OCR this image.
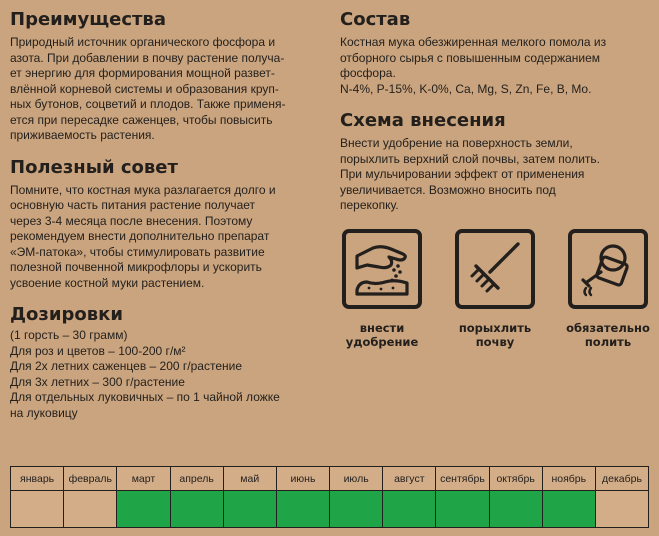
Преимущества

Природный источник органического фосфора и

азота. При добавлении в почву растение получа-

ет энергию для формирования мощной развет-

влённой корневой системы и образования круп-

ных бутонов, соцветий и плодов. Также применя-

ется при пересадке саженцев, чтобы повысить

приживаемость растения.

Полезный совет

Помните, что костная мука разлагается долго и

основную часть питания растение получает

через 3-4 месяца после внесения. Поэтому

рекомендуем внести дополнительно препарат

«ЭМ-патока», чтобы стимулировать развитие

полезной почвенной микрофлоры и ускорить

усвоение костной муки растением.

Дозировки

(1 горсть – 30 грамм)

Для роз и цветов – 100-200 г/м²

Для 2х летних саженцев – 200 г/растение

Для 3х летних – 300 г/растение

Для отдельных луковичных – по 1 чайной ложке

на луковицу

Состав

Костная мука обезжиренная мелкого помола из

отборного сырья с повышенным содержанием

фосфора.

N-4%, P-15%, K-0%, Ca, Mg, S, Zn, Fe, B, Mo.

Схема внесения

Внести удобрение на поверхность земли,

порыхлить верхний слой почвы, затем полить.

При мульчировании эффект от применения

увеличивается. Возможно вносить под

перекопку.

внести
удобрение
порыхлить
почву
обязательно
полить
январь	февраль	март	апрель	май	июнь	июль	август	сентябрь	октябрь	ноябрь	декабрь
